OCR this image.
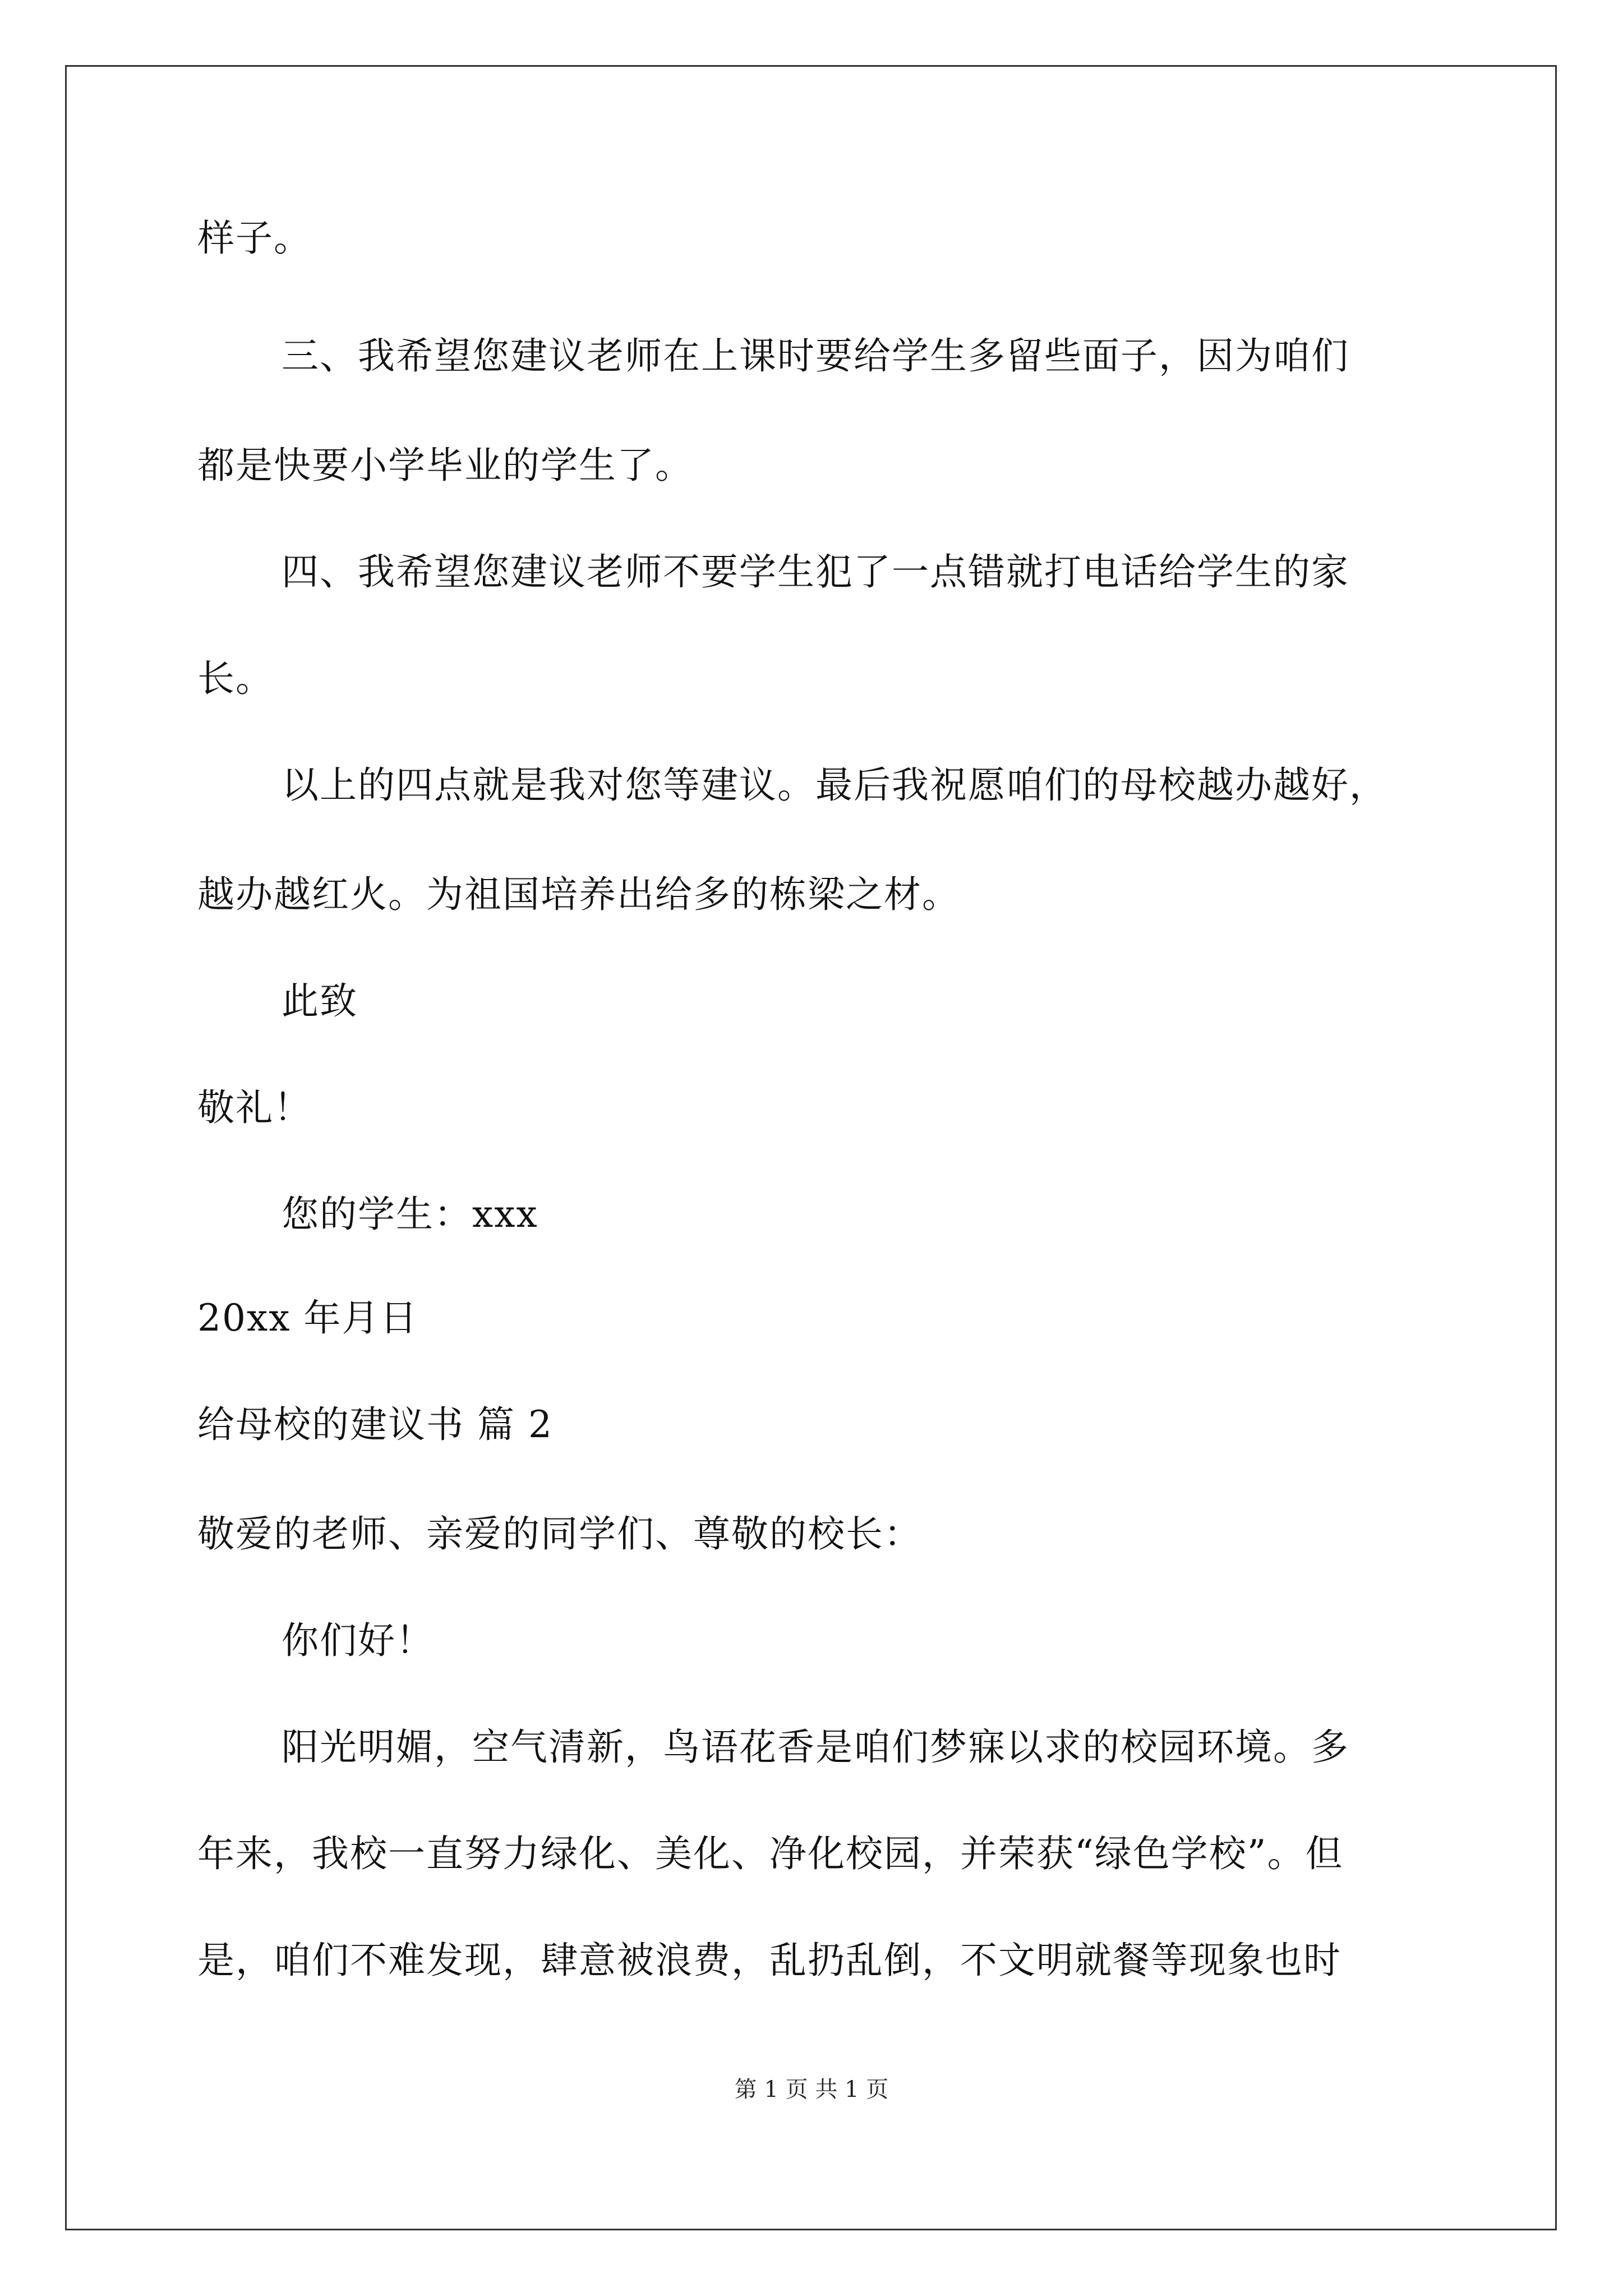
样子。
三、我希望您建议老师在上课时要给学生多留些面子，因为咱们
都是快要小学毕业的学生了。
四、我希望您建议老师不要学生犯了一点错就打电话给学生的家
长。
以上的四点就是我对您等建议。最后我祝愿咱们的母校越办越好，
越办越红火。为祖国培养出给多的栋梁之材。
此致
敬礼！
您的学生：xxx
20xx 年月日
给母校的建议书 篇 2
敬爱的老师、亲爱的同学们、尊敬的校长：
你们好！
阳光明媚，空气清新，鸟语花香是咱们梦寐以求的校园环境。多
年来，我校一直努力绿化、美化、净化校园，并荣获“绿色学校”。但
是，咱们不难发现，肆意被浪费，乱扔乱倒，不文明就餐等现象也时
第 1 页 共 1 页
